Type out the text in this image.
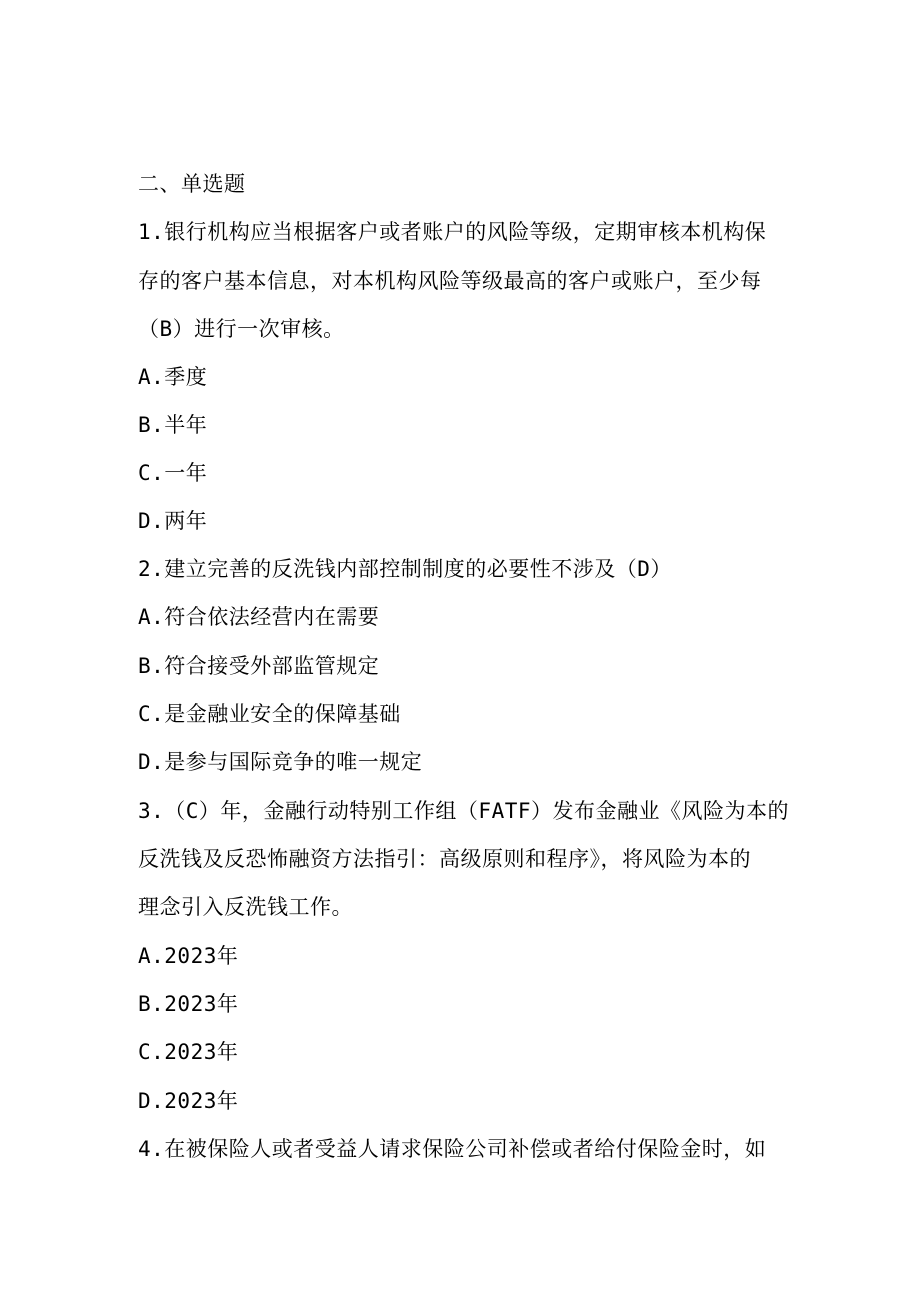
二、单选题
1.银行机构应当根据客户或者账户的风险等级，定期审核本机构保
存的客户基本信息，对本机构风险等级最高的客户或账户，至少每
（B）进行一次审核。
A.季度
B.半年
C.一年
D.两年
2.建立完善的反洗钱内部控制制度的必要性不涉及（D）
A.符合依法经营内在需要
B.符合接受外部监管规定
C.是金融业安全的保障基础
D.是参与国际竞争的唯一规定
3.（C）年，金融行动特别工作组（FATF）发布金融业《风险为本的
反洗钱及反恐怖融资方法指引：高级原则和程序》，将风险为本的
理念引入反洗钱工作。
A.2023年
B.2023年
C.2023年
D.2023年
4.在被保险人或者受益人请求保险公司补偿或者给付保险金时，如
